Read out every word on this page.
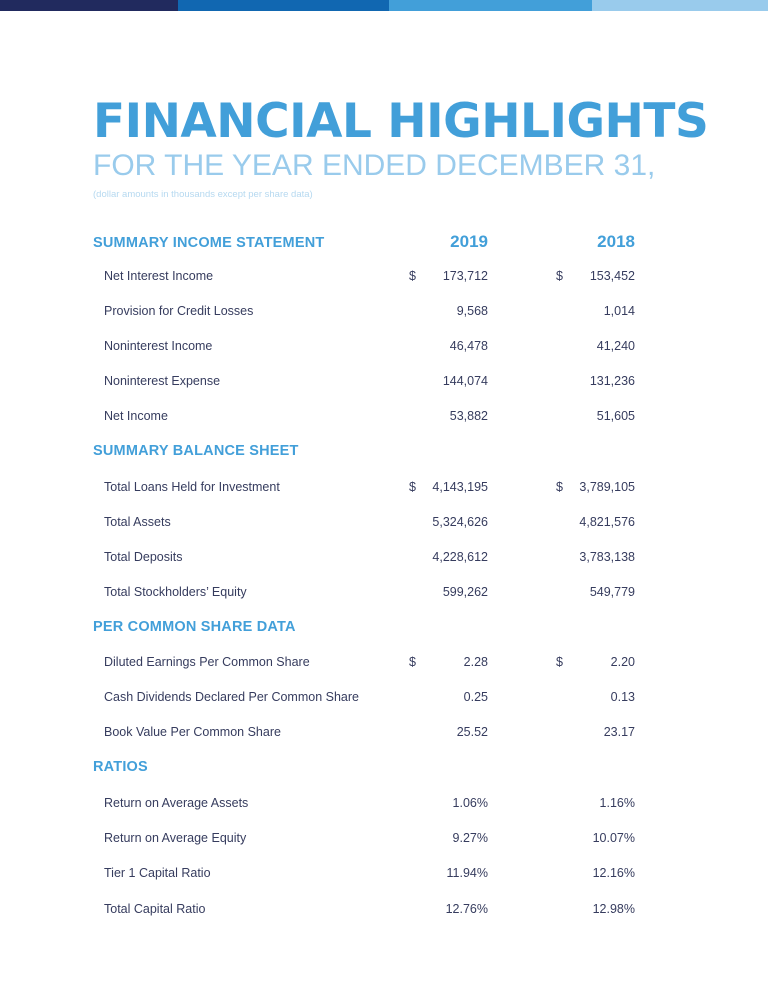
FINANCIAL HIGHLIGHTS
FOR THE YEAR ENDED DECEMBER 31,
(dollar amounts in thousands except per share data)
2019	2018
SUMMARY INCOME STATEMENT
Net Interest Income	$	173,712	$	153,452
Provision for Credit Losses	9,568	1,014
Noninterest Income	46,478	41,240
Noninterest Expense	144,074	131,236
Net Income	53,882	51,605
SUMMARY BALANCE SHEET
Total Loans Held for Investment	$	4,143,195	$	3,789,105
Total Assets	5,324,626	4,821,576
Total Deposits	4,228,612	3,783,138
Total Stockholders’ Equity	599,262	549,779
PER COMMON SHARE DATA
Diluted Earnings Per Common Share	$	2.28	$	2.20
Cash Dividends Declared Per Common Share	0.25	0.13
Book Value Per Common Share	25.52	23.17
RATIOS
Return on Average Assets	1.06%	1.16%
Return on Average Equity	9.27%	10.07%
Tier 1 Capital Ratio	11.94%	12.16%
Total Capital Ratio	12.76%	12.98%
